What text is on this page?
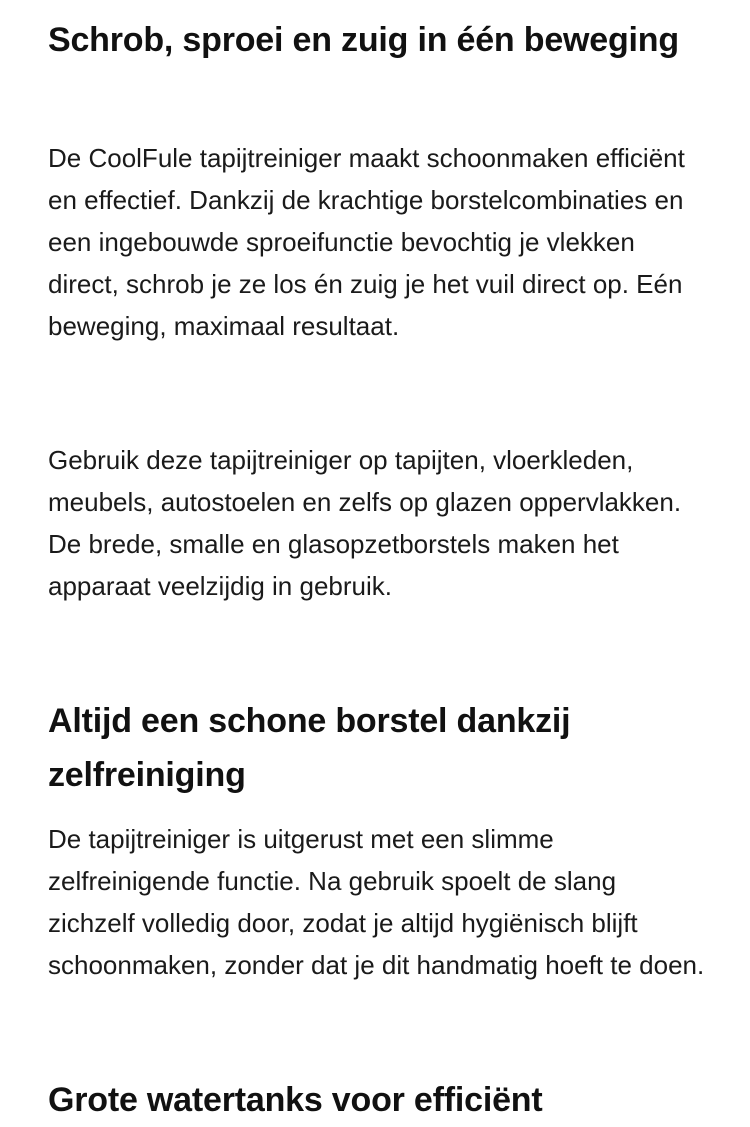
Schrob, sproei en zuig in één beweging

De CoolFule tapijtreiniger maakt schoonmaken efficiënt en effectief. Dankzij de krachtige borstelcombinaties en een ingebouwde sproeifunctie bevochtig je vlekken direct, schrob je ze los én zuig je het vuil direct op. Eén beweging, maximaal resultaat.

Gebruik deze tapijtreiniger op tapijten, vloerkleden, meubels, autostoelen en zelfs op glazen oppervlakken. De brede, smalle en glasopzetborstels maken het apparaat veelzijdig in gebruik.

Altijd een schone borstel dankzij zelfreiniging

De tapijtreiniger is uitgerust met een slimme zelfreinigende functie. Na gebruik spoelt de slang zichzelf volledig door, zodat je altijd hygiënisch blijft schoonmaken, zonder dat je dit handmatig hoeft te doen.

Grote watertanks voor efficiënt
